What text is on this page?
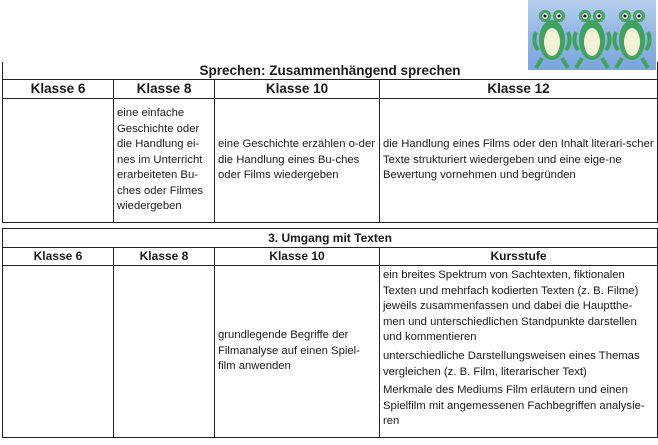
Sprechen: Zusammenhängend sprechen			
Klasse 6	Klasse 8	Klasse 10	Klasse 12
	eine einfache Geschichte oder die Handlung ei-nes im Unterricht erarbeiteten Bu-ches oder Filmes wiedergeben	eine Geschichte erzählen o-der die Handlung eines Bu-ches oder Films wiedergeben	die Handlung eines Films oder den Inhalt literari-scher Texte strukturiert wiedergeben und eine eige-ne Bewertung vornehmen und begründen
3. Umgang mit Texten			
Klasse 6	Klasse 8	Klasse 10	Kursstufe
		grundlegende Begriffe der Filmanalyse auf einen Spiel-film anwenden	ein breites Spektrum von Sachtexten, fiktionalen Texten und mehrfach kodierten Texten (z. B. Filme) jeweils zusammenfassen und dabei die Hauptthe-men und unterschiedlichen Standpunkte darstellen und kommentieren

unterschiedliche Darstellungsweisen eines Themas vergleichen (z. B. Film, literarischer Text)

Merkmale des Mediums Film erläutern und einen Spielfilm mit angemessenen Fachbegriffen analysie-ren
